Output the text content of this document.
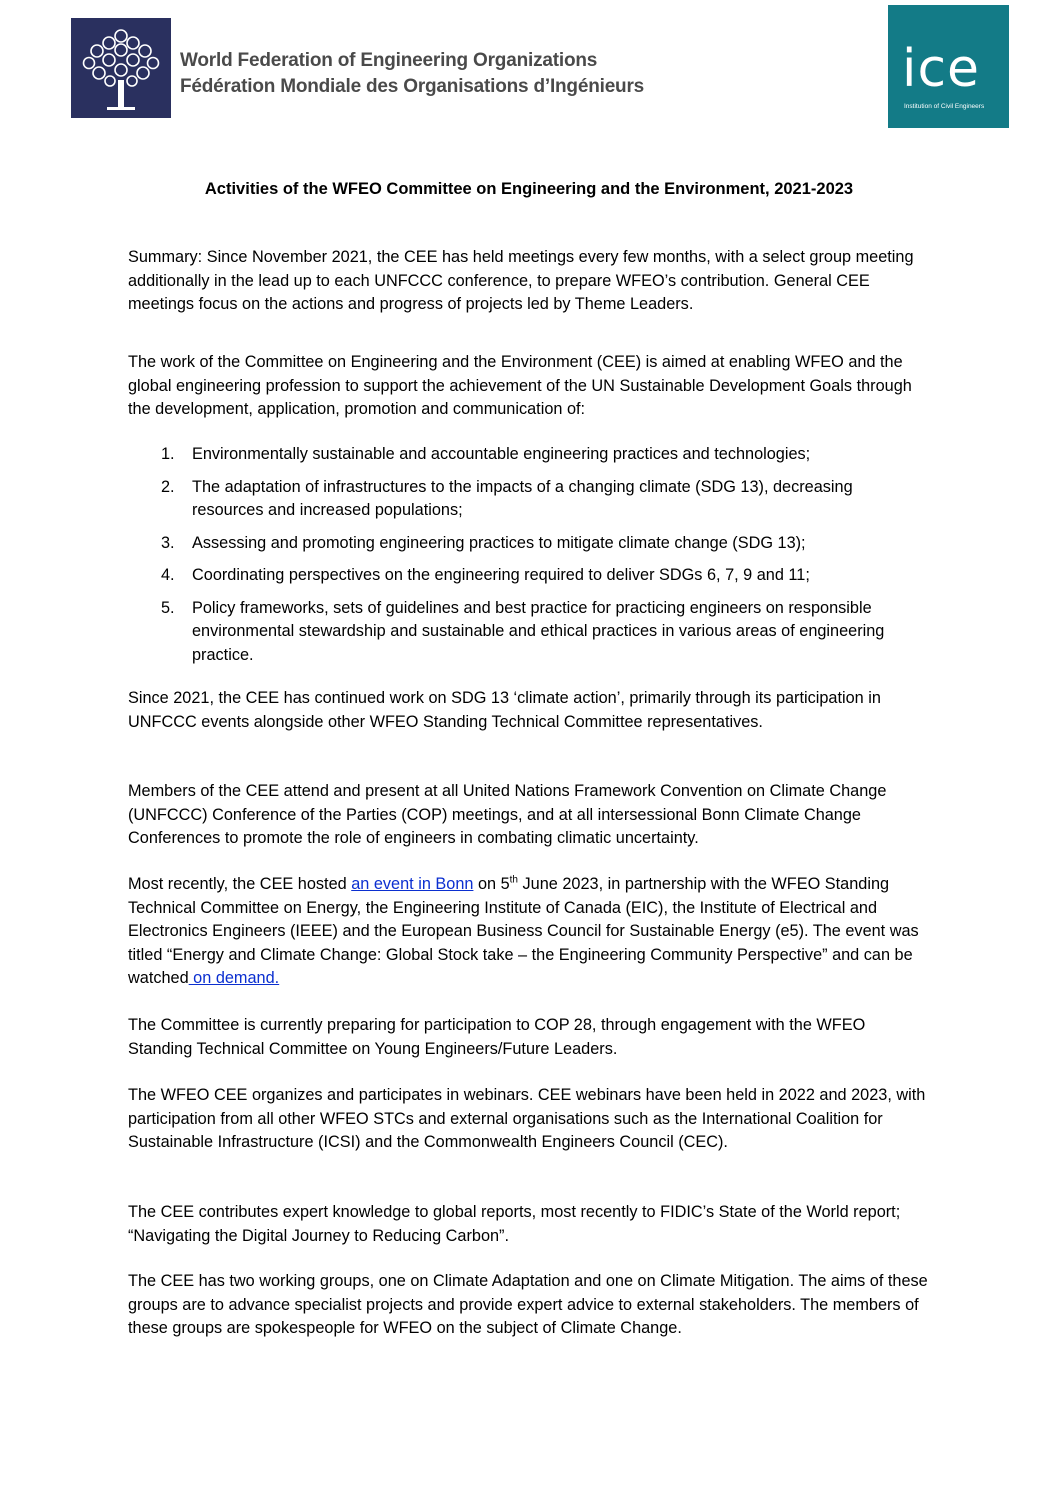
World Federation of Engineering Organizations
Fédération Mondiale des Organisations d’Ingénieurs	ice
Institution of Civil Engineers
Activities of the WFEO Committee on Engineering and the Environment, 2021-2023
Summary: Since November 2021, the CEE has held meetings every few months, with a select group meeting additionally in the lead up to each UNFCCC conference, to prepare WFEO’s contribution. General CEE meetings focus on the actions and progress of projects led by Theme Leaders.
The work of the Committee on Engineering and the Environment (CEE) is aimed at enabling WFEO and the global engineering profession to support the achievement of the UN Sustainable Development Goals through the development, application, promotion and communication of:
1. Environmentally sustainable and accountable engineering practices and technologies;
2. The adaptation of infrastructures to the impacts of a changing climate (SDG 13), decreasing resources and increased populations;
3. Assessing and promoting engineering practices to mitigate climate change (SDG 13);
4. Coordinating perspectives on the engineering required to deliver SDGs 6, 7, 9 and 11;
5. Policy frameworks, sets of guidelines and best practice for practicing engineers on responsible environmental stewardship and sustainable and ethical practices in various areas of engineering practice.
Since 2021, the CEE has continued work on SDG 13 ‘climate action’, primarily through its participation in UNFCCC events alongside other WFEO Standing Technical Committee representatives.
Members of the CEE attend and present at all United Nations Framework Convention on Climate Change (UNFCCC) Conference of the Parties (COP) meetings, and at all intersessional Bonn Climate Change Conferences to promote the role of engineers in combating climatic uncertainty.
Most recently, the CEE hosted an event in Bonn on 5th June 2023, in partnership with the WFEO Standing Technical Committee on Energy, the Engineering Institute of Canada (EIC), the Institute of Electrical and Electronics Engineers (IEEE) and the European Business Council for Sustainable Energy (e5). The event was titled “Energy and Climate Change: Global Stock take – the Engineering Community Perspective” and can be watched on demand.
The Committee is currently preparing for participation to COP 28, through engagement with the WFEO Standing Technical Committee on Young Engineers/Future Leaders.
The WFEO CEE organizes and participates in webinars. CEE webinars have been held in 2022 and 2023, with participation from all other WFEO STCs and external organisations such as the International Coalition for Sustainable Infrastructure (ICSI) and the Commonwealth Engineers Council (CEC).
The CEE contributes expert knowledge to global reports, most recently to FIDIC’s State of the World report; “Navigating the Digital Journey to Reducing Carbon”.
The CEE has two working groups, one on Climate Adaptation and one on Climate Mitigation. The aims of these groups are to advance specialist projects and provide expert advice to external stakeholders. The members of these groups are spokespeople for WFEO on the subject of Climate Change.
